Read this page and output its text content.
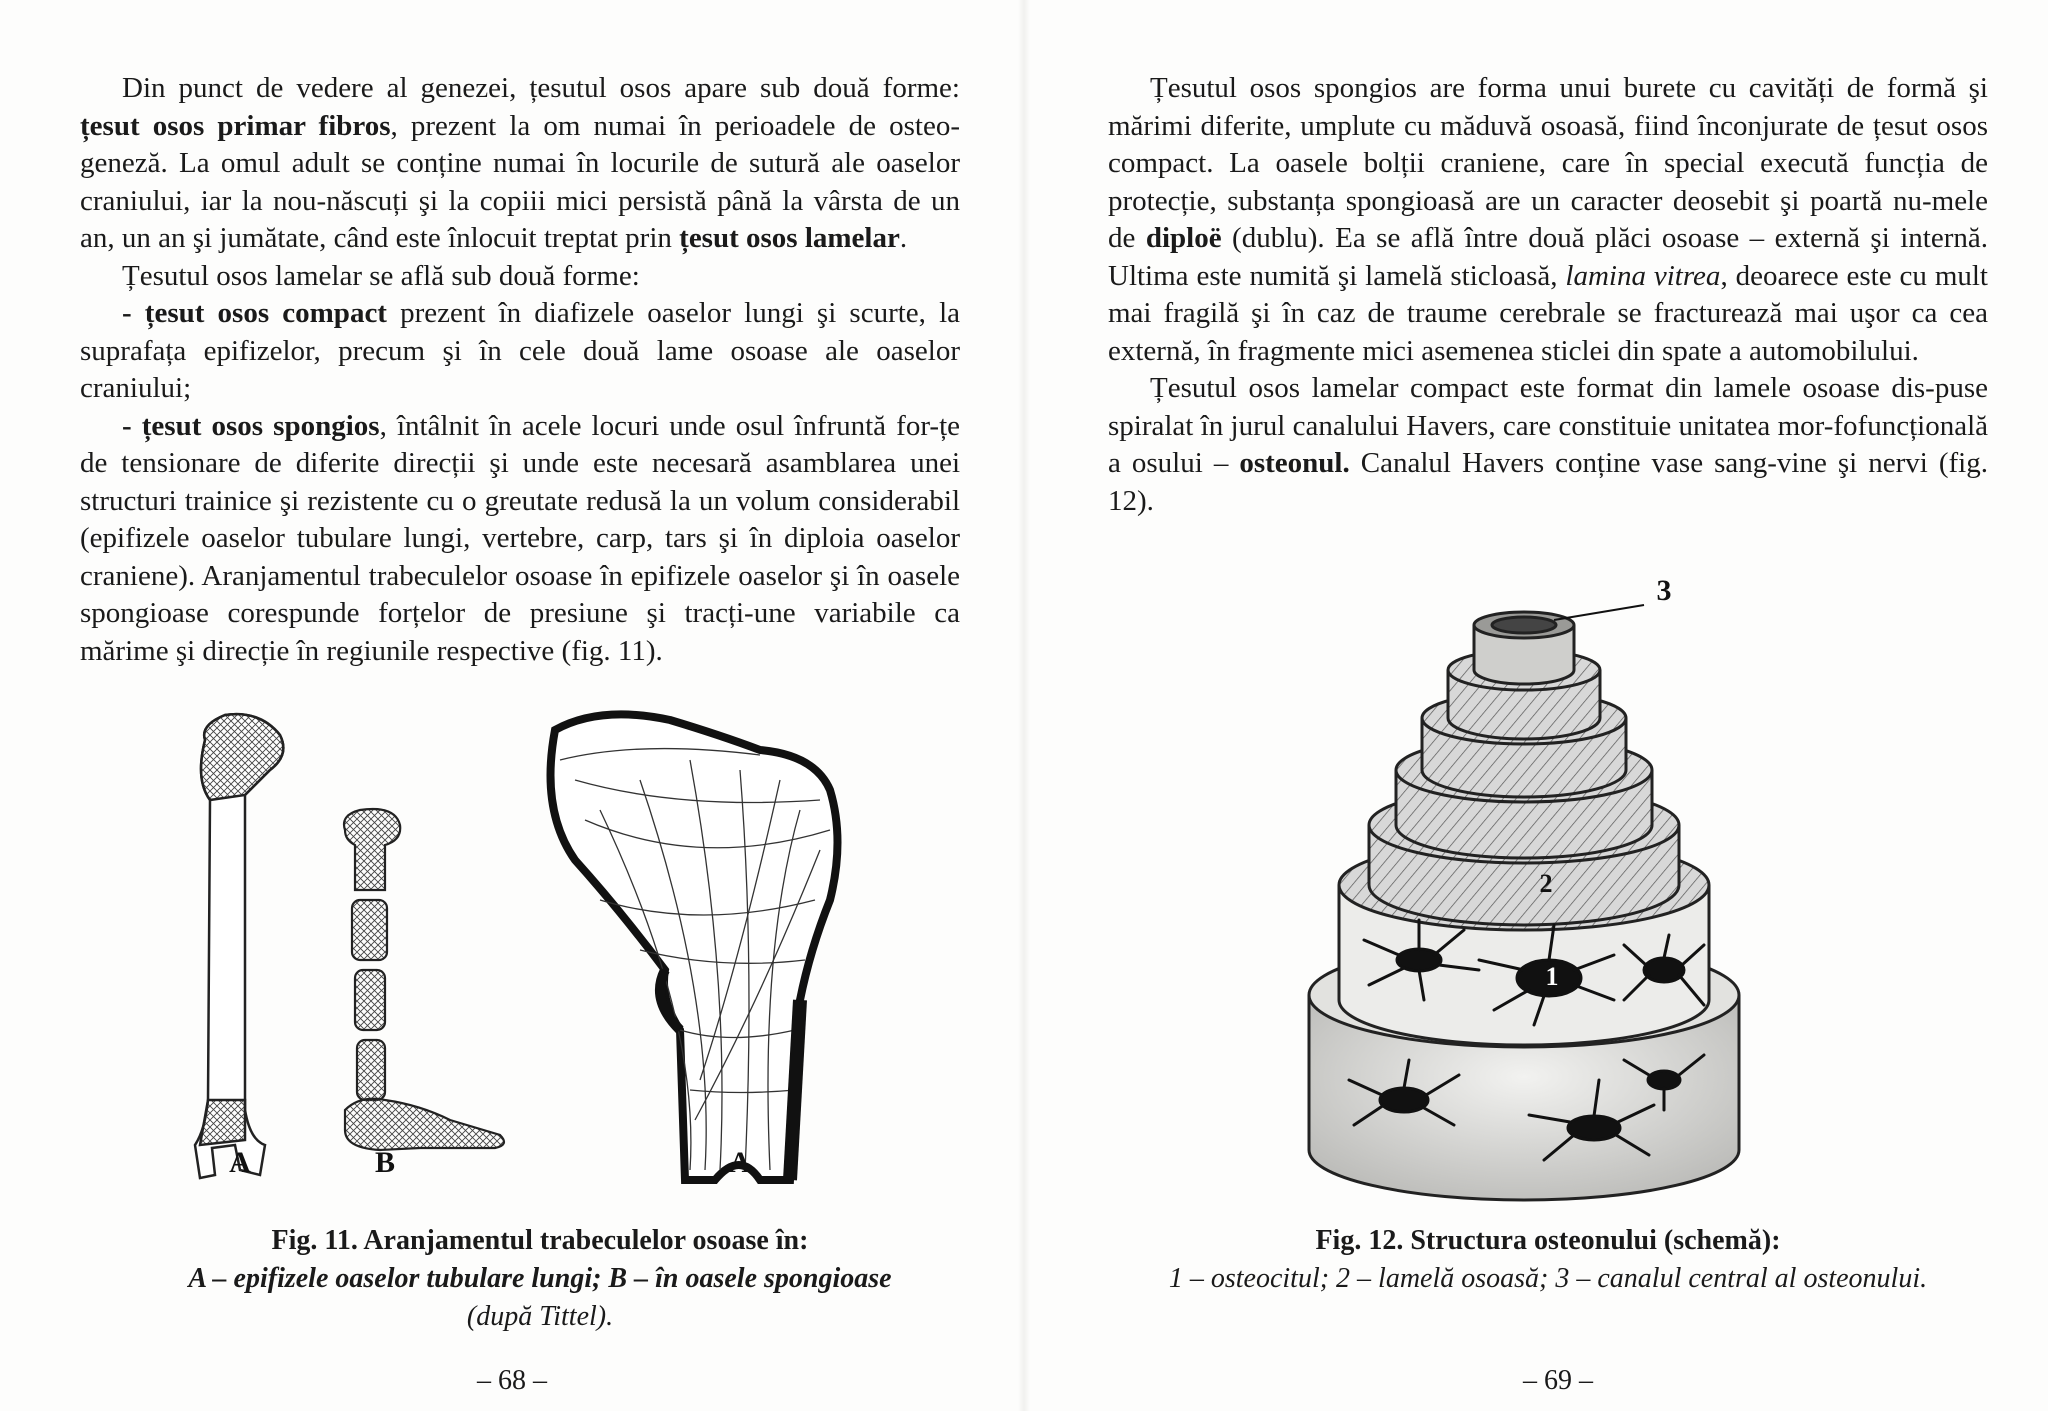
Din punct de vedere al genezei, țesutul osos apare sub două forme: țesut osos primar fibros, prezent la om numai în perioadele de osteo-geneză. La omul adult se conține numai în locurile de sutură ale oaselor craniului, iar la nou-născuți şi la copiii mici persistă până la vârsta de un an, un an şi jumătate, când este înlocuit treptat prin țesut osos lamelar.

Țesutul osos lamelar se află sub două forme:

- țesut osos compact prezent în diafizele oaselor lungi şi scurte, la suprafața epifizelor, precum şi în cele două lame osoase ale oaselor craniului;

- țesut osos spongios, întâlnit în acele locuri unde osul înfruntă for-țe de tensionare de diferite direcții şi unde este necesară asamblarea unei structuri trainice şi rezistente cu o greutate redusă la un volum considerabil (epifizele oaselor tubulare lungi, vertebre, carp, tars şi în diploia oaselor craniene). Aranjamentul trabeculelor osoase în epifizele oaselor şi în oasele spongioase corespunde forțelor de presiune şi tracți-une variabile ca mărime şi direcție în regiunile respective (fig. 11).

A	B	A
Fig. 11. Aranjamentul trabeculelor osoase în:
A – epifizele oaselor tubulare lungi; B – în oasele spongioase
(după Tittel).
– 68 –

Țesutul osos spongios are forma unui burete cu cavități de formă şi mărimi diferite, umplute cu măduvă osoasă, fiind înconjurate de țesut osos compact. La oasele bolții craniene, care în special execută funcția de protecție, substanța spongioasă are un caracter deosebit şi poartă nu-mele de diploë (dublu). Ea se află între două plăci osoase – externă şi internă. Ultima este numită şi lamelă sticloasă, lamina vitrea, deoarece este cu mult mai fragilă şi în caz de traume cerebrale se fracturează mai uşor ca cea externă, în fragmente mici asemenea sticlei din spate a automobilului.

Țesutul osos lamelar compact este format din lamele osoase dis-puse spiralat în jurul canalului Havers, care constituie unitatea mor-fofuncțională a osului – osteonul. Canalul Havers conține vase sang-vine şi nervi (fig. 12).

3
2
1
Fig. 12. Structura osteonului (schemă):
1 – osteocitul; 2 – lamelă osoasă; 3 – canalul central al osteonului.
– 69 –
